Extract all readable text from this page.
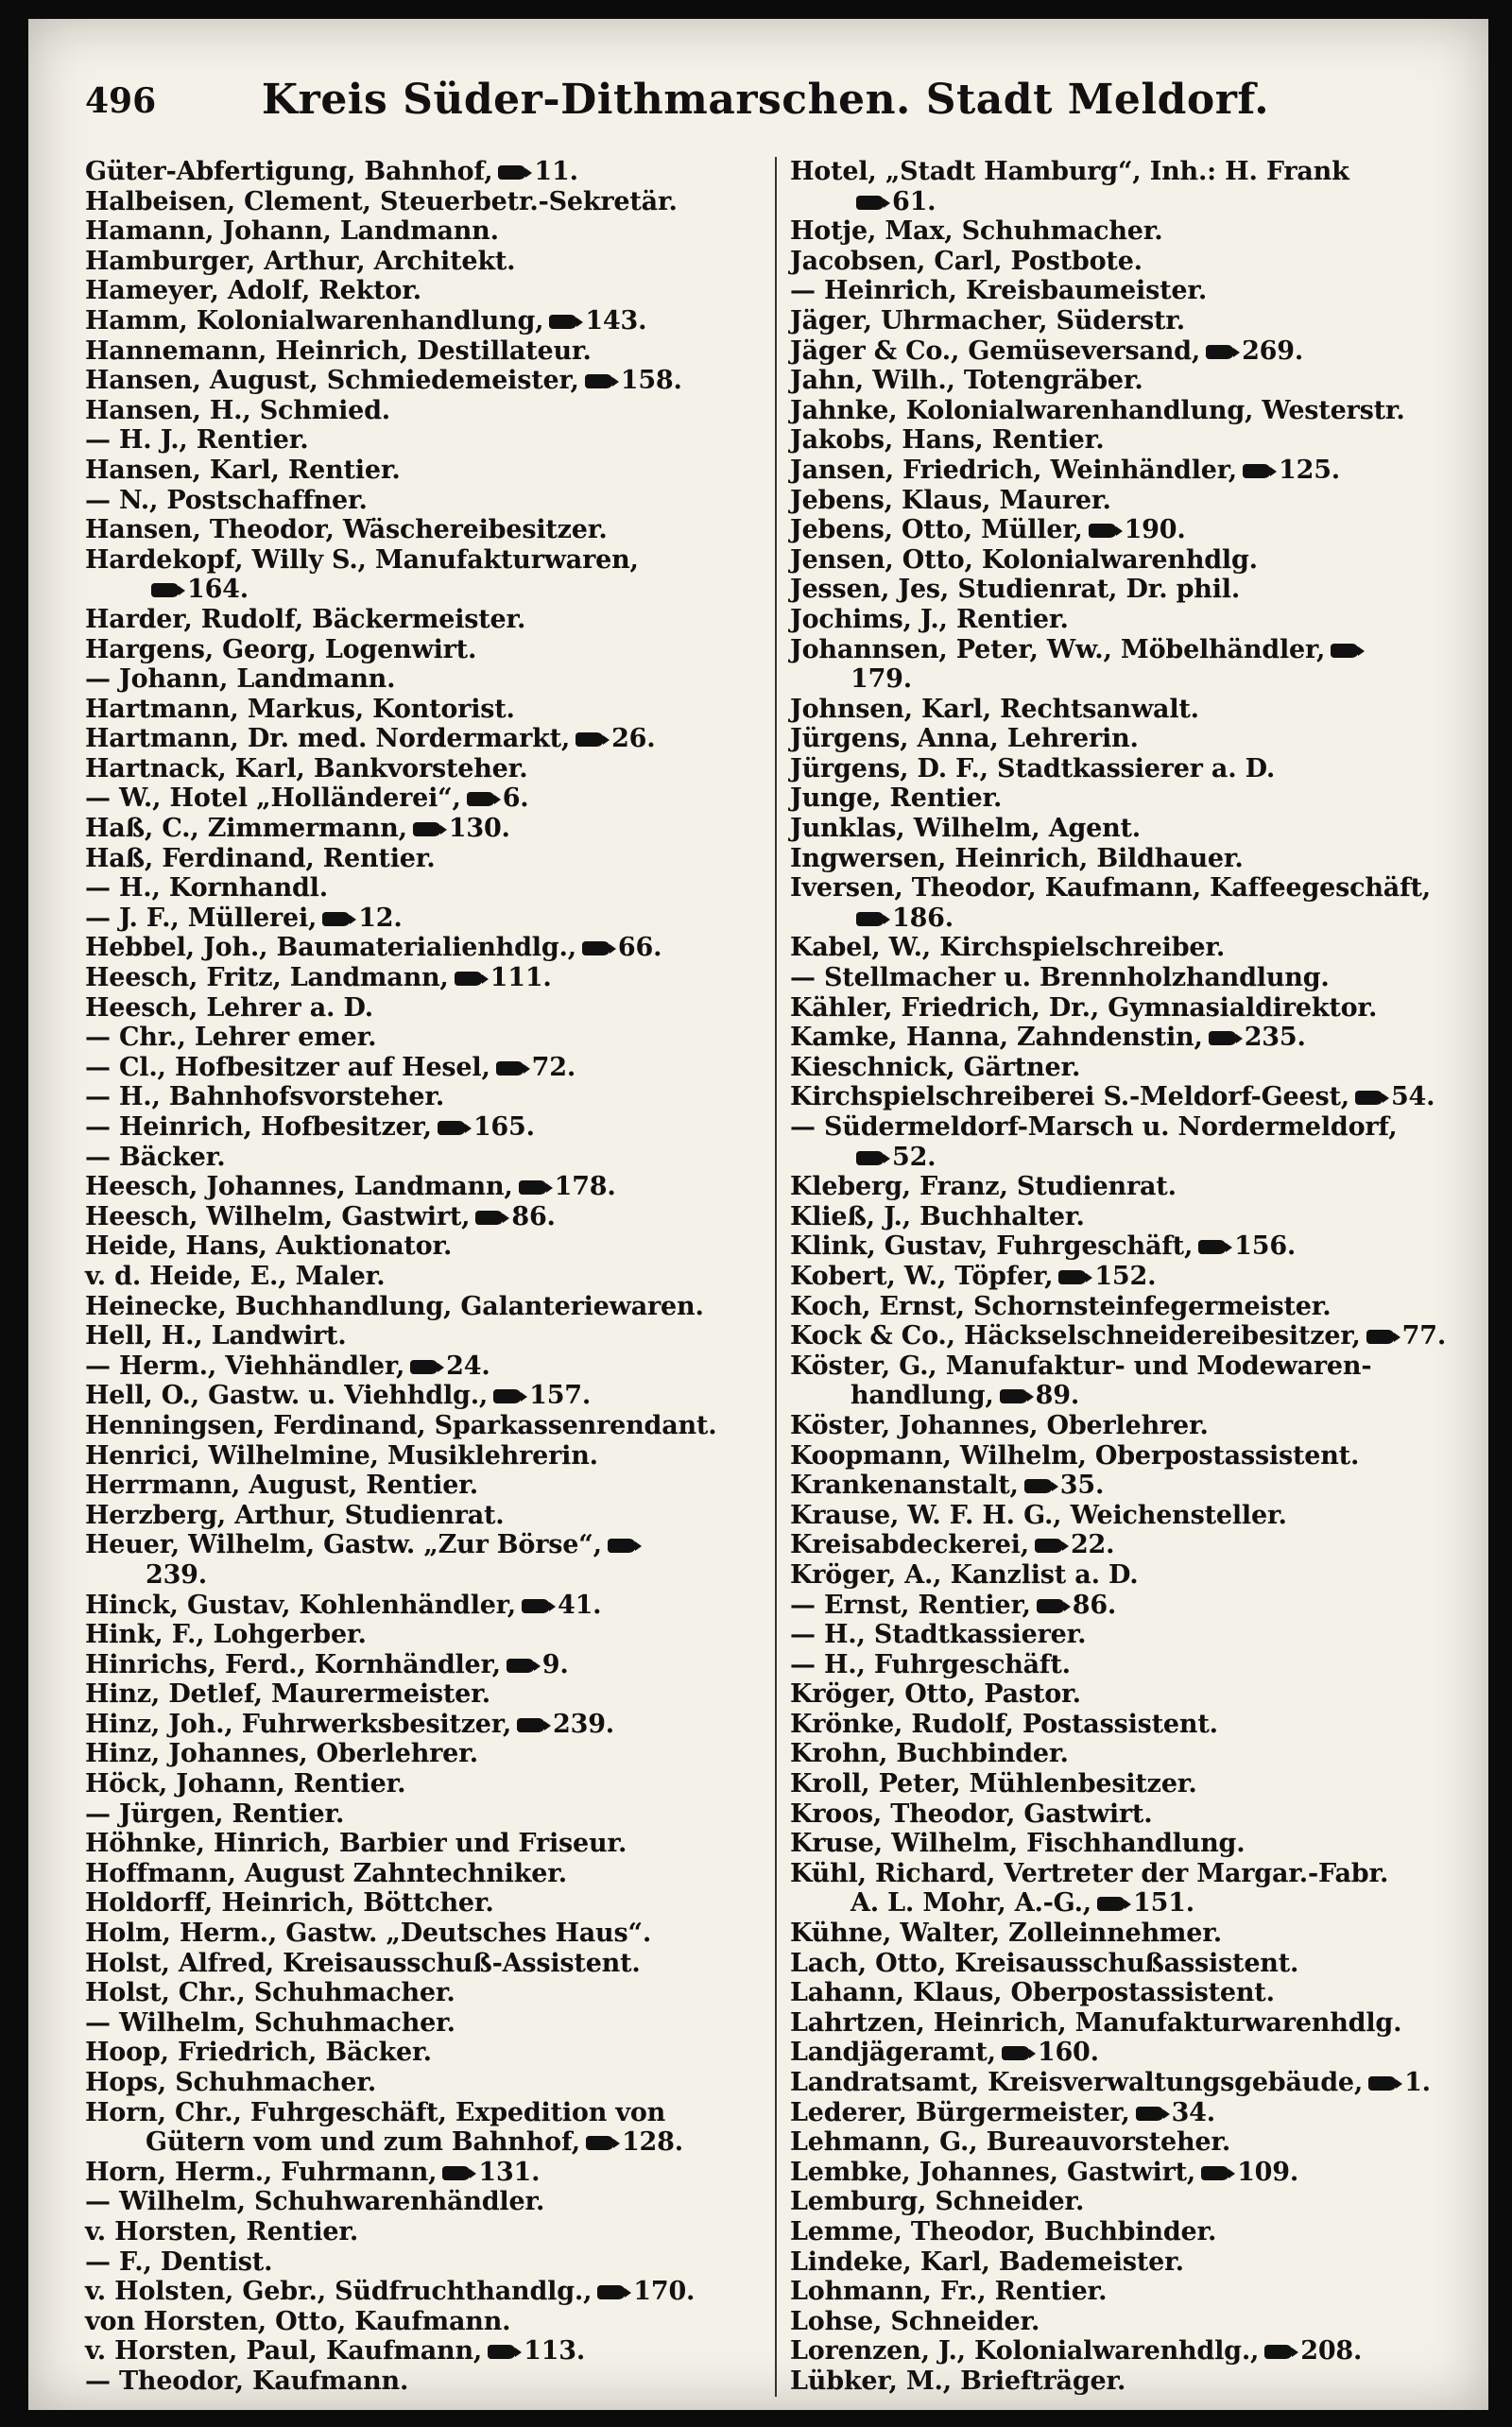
496	Kreis Süder-Dithmarschen. Stadt Meldorf.
Güter-Abfertigung, Bahnhof, 11.
Halbeisen, Clement, Steuerbetr.-Sekretär.
Hamann, Johann, Landmann.
Hamburger, Arthur, Architekt.
Hameyer, Adolf, Rektor.
Hamm, Kolonialwarenhandlung, 143.
Hannemann, Heinrich, Destillateur.
Hansen, August, Schmiedemeister, 158.
Hansen, H., Schmied.
— H. J., Rentier.
Hansen, Karl, Rentier.
— N., Postschaffner.
Hansen, Theodor, Wäschereibesitzer.
Hardekopf, Willy S., Manufakturwaren,
164.
Harder, Rudolf, Bäckermeister.
Hargens, Georg, Logenwirt.
— Johann, Landmann.
Hartmann, Markus, Kontorist.
Hartmann, Dr. med. Nordermarkt, 26.
Hartnack, Karl, Bankvorsteher.
— W., Hotel „Holländerei“, 6.
Haß, C., Zimmermann, 130.
Haß, Ferdinand, Rentier.
— H., Kornhandl.
— J. F., Müllerei, 12.
Hebbel, Joh., Baumaterialienhdlg., 66.
Heesch, Fritz, Landmann, 111.
Heesch, Lehrer a. D.
— Chr., Lehrer emer.
— Cl., Hofbesitzer auf Hesel, 72.
— H., Bahnhofsvorsteher.
— Heinrich, Hofbesitzer, 165.
— Bäcker.
Heesch, Johannes, Landmann, 178.
Heesch, Wilhelm, Gastwirt, 86.
Heide, Hans, Auktionator.
v. d. Heide, E., Maler.
Heinecke, Buchhandlung, Galanteriewaren.
Hell, H., Landwirt.
— Herm., Viehhändler, 24.
Hell, O., Gastw. u. Viehhdlg., 157.
Henningsen, Ferdinand, Sparkassenrendant.
Henrici, Wilhelmine, Musiklehrerin.
Herrmann, August, Rentier.
Herzberg, Arthur, Studienrat.
Heuer, Wilhelm, Gastw. „Zur Börse“,
239.
Hinck, Gustav, Kohlenhändler, 41.
Hink, F., Lohgerber.
Hinrichs, Ferd., Kornhändler, 9.
Hinz, Detlef, Maurermeister.
Hinz, Joh., Fuhrwerksbesitzer, 239.
Hinz, Johannes, Oberlehrer.
Höck, Johann, Rentier.
— Jürgen, Rentier.
Höhnke, Hinrich, Barbier und Friseur.
Hoffmann, August Zahntechniker.
Holdorff, Heinrich, Böttcher.
Holm, Herm., Gastw. „Deutsches Haus“.
Holst, Alfred, Kreisausschuß-Assistent.
Holst, Chr., Schuhmacher.
— Wilhelm, Schuhmacher.
Hoop, Friedrich, Bäcker.
Hops, Schuhmacher.
Horn, Chr., Fuhrgeschäft, Expedition von
Gütern vom und zum Bahnhof, 128.
Horn, Herm., Fuhrmann, 131.
— Wilhelm, Schuhwarenhändler.
v. Horsten, Rentier.
— F., Dentist.
v. Holsten, Gebr., Südfruchthandlg., 170.
von Horsten, Otto, Kaufmann.
v. Horsten, Paul, Kaufmann, 113.
— Theodor, Kaufmann.
Hotel, „Stadt Hamburg“, Inh.: H. Frank
61.
Hotje, Max, Schuhmacher.
Jacobsen, Carl, Postbote.
— Heinrich, Kreisbaumeister.
Jäger, Uhrmacher, Süderstr.
Jäger & Co., Gemüseversand, 269.
Jahn, Wilh., Totengräber.
Jahnke, Kolonialwarenhandlung, Westerstr.
Jakobs, Hans, Rentier.
Jansen, Friedrich, Weinhändler, 125.
Jebens, Klaus, Maurer.
Jebens, Otto, Müller, 190.
Jensen, Otto, Kolonialwarenhdlg.
Jessen, Jes, Studienrat, Dr. phil.
Jochims, J., Rentier.
Johannsen, Peter, Ww., Möbelhändler,
179.
Johnsen, Karl, Rechtsanwalt.
Jürgens, Anna, Lehrerin.
Jürgens, D. F., Stadtkassierer a. D.
Junge, Rentier.
Junklas, Wilhelm, Agent.
Ingwersen, Heinrich, Bildhauer.
Iversen, Theodor, Kaufmann, Kaffeegeschäft,
186.
Kabel, W., Kirchspielschreiber.
— Stellmacher u. Brennholzhandlung.
Kähler, Friedrich, Dr., Gymnasialdirektor.
Kamke, Hanna, Zahndenstin, 235.
Kieschnick, Gärtner.
Kirchspielschreiberei S.-Meldorf-Geest, 54.
— Südermeldorf-Marsch u. Nordermeldorf,
52.
Kleberg, Franz, Studienrat.
Kließ, J., Buchhalter.
Klink, Gustav, Fuhrgeschäft, 156.
Kobert, W., Töpfer, 152.
Koch, Ernst, Schornsteinfegermeister.
Kock & Co., Häckselschneidereibesitzer, 77.
Köster, G., Manufaktur- und Modewaren-
handlung, 89.
Köster, Johannes, Oberlehrer.
Koopmann, Wilhelm, Oberpostassistent.
Krankenanstalt, 35.
Krause, W. F. H. G., Weichensteller.
Kreisabdeckerei, 22.
Kröger, A., Kanzlist a. D.
— Ernst, Rentier, 86.
— H., Stadtkassierer.
— H., Fuhrgeschäft.
Kröger, Otto, Pastor.
Krönke, Rudolf, Postassistent.
Krohn, Buchbinder.
Kroll, Peter, Mühlenbesitzer.
Kroos, Theodor, Gastwirt.
Kruse, Wilhelm, Fischhandlung.
Kühl, Richard, Vertreter der Margar.-Fabr.
A. L. Mohr, A.-G., 151.
Kühne, Walter, Zolleinnehmer.
Lach, Otto, Kreisausschußassistent.
Lahann, Klaus, Oberpostassistent.
Lahrtzen, Heinrich, Manufakturwarenhdlg.
Landjägeramt, 160.
Landratsamt, Kreisverwaltungsgebäude, 1.
Lederer, Bürgermeister, 34.
Lehmann, G., Bureauvorsteher.
Lembke, Johannes, Gastwirt, 109.
Lemburg, Schneider.
Lemme, Theodor, Buchbinder.
Lindeke, Karl, Bademeister.
Lohmann, Fr., Rentier.
Lohse, Schneider.
Lorenzen, J., Kolonialwarenhdlg., 208.
Lübker, M., Briefträger.
